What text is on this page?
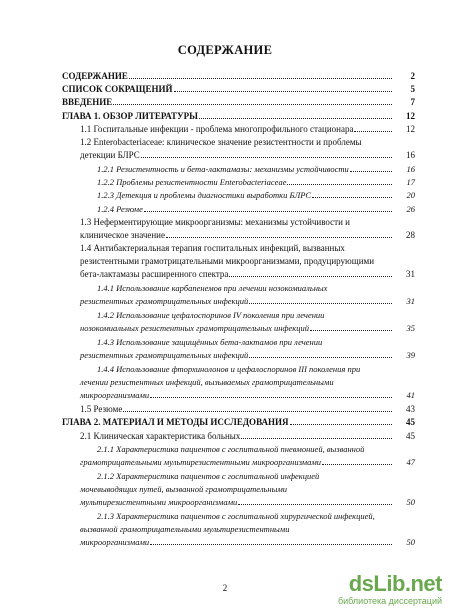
СОДЕРЖАНИЕ
СОДЕРЖАНИЕ	2
СПИСОК СОКРАЩЕНИЙ	5
ВВЕДЕНИЕ	7
ГЛАВА 1. ОБЗОР ЛИТЕРАТУРЫ	12
1.1 Госпитальные инфекции - проблема многопрофильного стационара	12
1.2 Enterobacteriaceae: клиническое значение резистентности и проблемы
детекции БЛРС	16
1.2.1 Резистентность и бета-лактамазы: механизмы устойчивости	16
1.2.2 Проблемы резистентности Enterobacteriaceae	17
1.2.3 Детекция и проблемы диагностики выработки БЛРС	20
1.2.4 Резюме	26
1.3 Неферментирующие микроорганизмы: механизмы устойчивости и
клиническое значение	28
1.4 Антибактериальная терапия госпитальных инфекций, вызванных
резистентными грамотрицательными микроорганизмами, продуцирующими
бета-лактамазы расширенного спектра	31
1.4.1 Использование карбапенемов при лечении нозокомиальных
резистентных грамотрицательных инфекций	31
1.4.2 Использование цефалоспоринов IV поколения при лечении
нозокомиальных резистентных грамотрицательных инфекций	35
1.4.3 Использование защищённых бета-лактамов при лечении
резистентных грамотрицательных инфекций	39
1.4.4 Использование фторхинолонов и цефалоспоринов III поколения при
лечении резистентных инфекций, вызываемых грамотрицательными
микроорганизмами	41
1.5 Резюме	43
ГЛАВА 2. МАТЕРИАЛ И МЕТОДЫ ИССЛЕДОВАНИЯ	45
2.1 Клиническая характеристика больных	45
2.1.1 Характеристика пациентов с госпитальной пневмонией, вызванной
грамотрицательными мультирезистентными микроорганизмами	47
2.1.2 Характеристика пациентов с госпитальной инфекцией
мочевыводящих путей, вызванной грамотрицательными
мультирезистентными микроорганизмами	50
2.1.3 Характеристика пациентов с госпитальной хирургической инфекцией,
вызванной грамотрицательными мультирезистентными
микроорганизмами	50
2	dsLib.net
библиотека диссертаций
